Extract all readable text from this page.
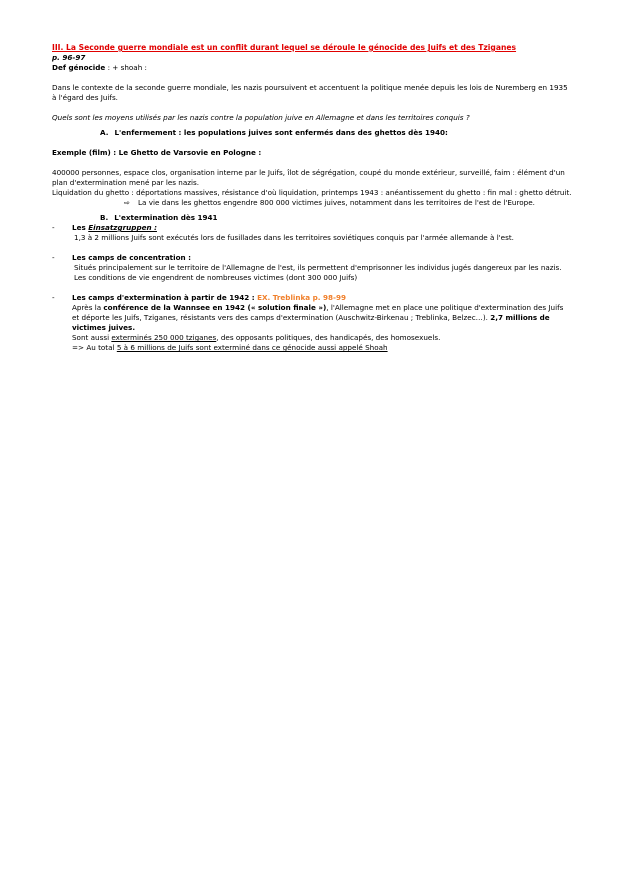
III. La Seconde guerre mondiale est un conflit durant lequel se déroule le génocide des Juifs et des Tziganes
p. 96-97
Def génocide : + shoah :

Dans le contexte de la seconde guerre mondiale, les nazis poursuivent et accentuent la politique menée depuis les lois de Nuremberg en 1935 à l'égard des Juifs.

Quels sont les moyens utilisés par les nazis contre la population juive en Allemagne et dans les territoires conquis ?

A. L'enfermement : les populations juives sont enfermés dans des ghettos dès 1940:
Exemple (film) : Le Ghetto de Varsovie en Pologne :

400000 personnes, espace clos, organisation interne par le Juifs, îlot de ségrégation, coupé du monde extérieur, surveillé, faim : élément d'un plan d'extermination mené par les nazis.

Liquidation du ghetto : déportations massives, résistance d'où liquidation, printemps 1943 : anéantissement du ghetto : fin mal : ghetto détruit.

⇨	La vie dans les ghettos engendre 800 000 victimes juives, notamment dans les territoires de l'est de l'Europe.
B. L'extermination dès 1941
-	Les Einsatzgruppen :

1,3 à 2 millions Juifs sont exécutés lors de fusillades dans les territoires soviétiques conquis par l'armée allemande à l'est.

-	Les camps de concentration :

Situés principalement sur le territoire de l'Allemagne de l'est, ils permettent d'emprisonner les individus jugés dangereux par les nazis. Les conditions de vie engendrent de nombreuses victimes (dont 300 000 Juifs)

-	Les camps d'extermination à partir de 1942 : EX. Treblinka p. 98-99

Après la conférence de la Wannsee en 1942 (« solution finale »), l'Allemagne met en place une politique d'extermination des Juifs et déporte les Juifs, Tziganes, résistants vers des camps d'extermination (Auschwitz-Birkenau ; Treblinka, Belzec…). 2,7 millions de victimes juives.

Sont aussi exterminés 250 000 tziganes, des opposants politiques, des handicapés, des homosexuels.

=> Au total 5 à 6 millions de Juifs sont exterminé dans ce génocide aussi appelé Shoah
